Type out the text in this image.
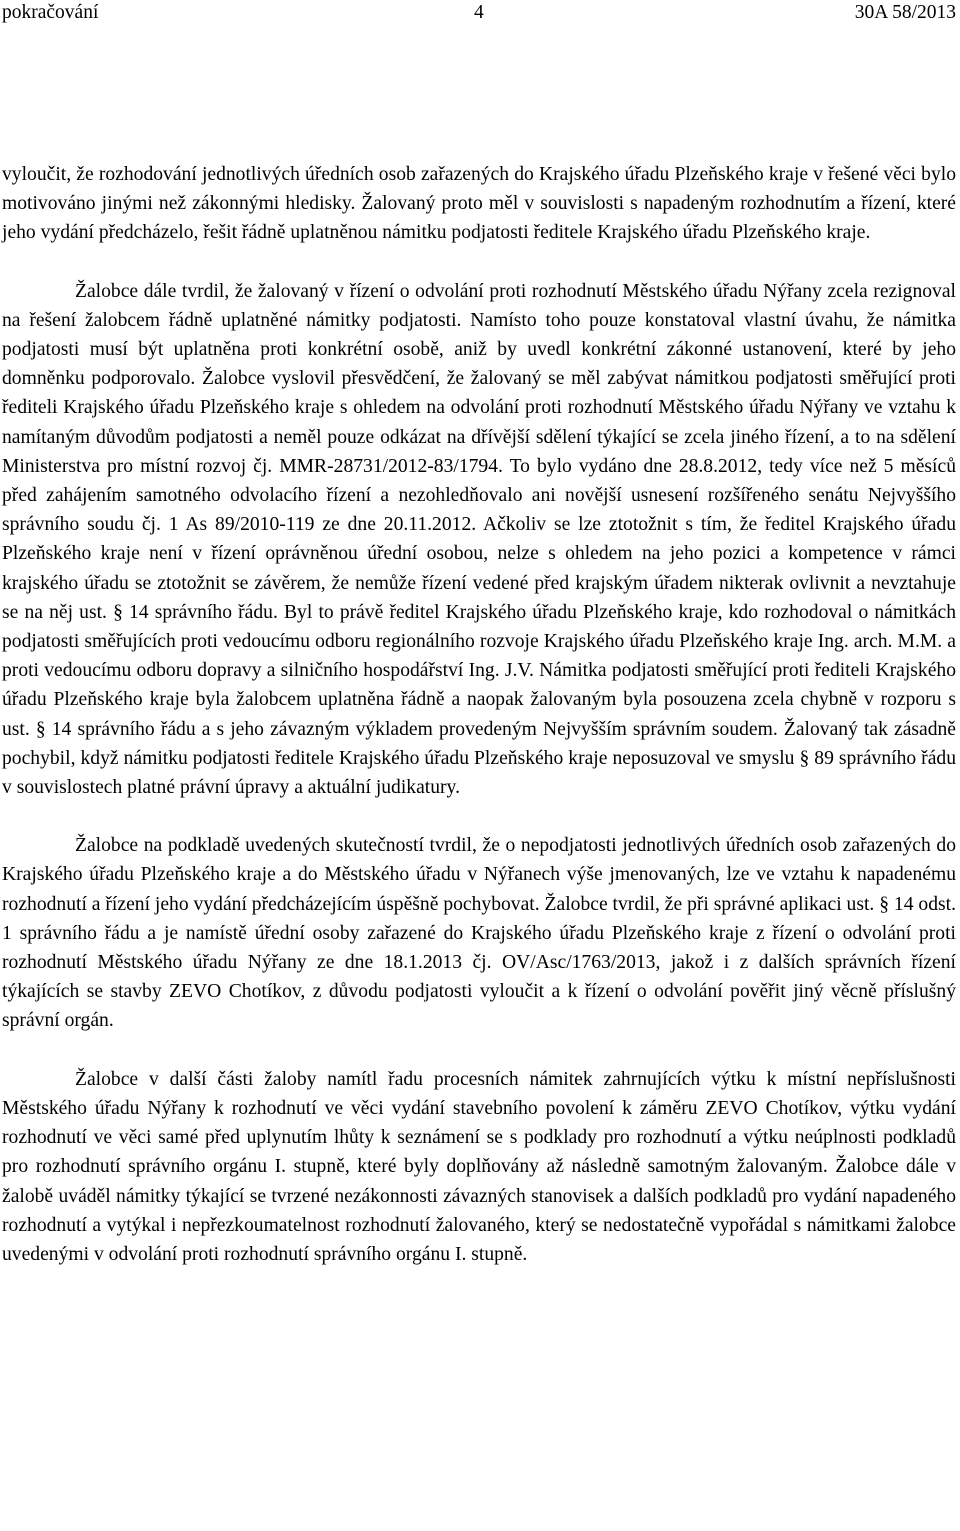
pokračování	4	30A 58/2013

vyloučit, že rozhodování jednotlivých úředních osob zařazených do Krajského úřadu Plzeňského kraje v řešené věci bylo motivováno jinými než zákonnými hledisky. Žalovaný proto měl v souvislosti s napadeným rozhodnutím a řízení, které jeho vydání předcházelo, řešit řádně uplatněnou námitku podjatosti ředitele Krajského úřadu Plzeňského kraje.

Žalobce dále tvrdil, že žalovaný v řízení o odvolání proti rozhodnutí Městského úřadu Nýřany zcela rezignoval na řešení žalobcem řádně uplatněné námitky podjatosti. Namísto toho pouze konstatoval vlastní úvahu, že námitka podjatosti musí být uplatněna proti konkrétní osobě, aniž by uvedl konkrétní zákonné ustanovení, které by jeho domněnku podporovalo. Žalobce vyslovil přesvědčení, že žalovaný se měl zabývat námitkou podjatosti směřující proti řediteli Krajského úřadu Plzeňského kraje s ohledem na odvolání proti rozhodnutí Městského úřadu Nýřany ve vztahu k namítaným důvodům podjatosti a neměl pouze odkázat na dřívější sdělení týkající se zcela jiného řízení, a to na sdělení Ministerstva pro místní rozvoj čj. MMR-28731/2012-83/1794. To bylo vydáno dne 28.8.2012, tedy více než 5 měsíců před zahájením samotného odvolacího řízení a nezohledňovalo ani novější usnesení rozšířeného senátu Nejvyššího správního soudu čj. 1 As 89/2010-119 ze dne 20.11.2012. Ačkoliv se lze ztotožnit s tím, že ředitel Krajského úřadu Plzeňského kraje není v řízení oprávněnou úřední osobou, nelze s ohledem na jeho pozici a kompetence v rámci krajského úřadu se ztotožnit se závěrem, že nemůže řízení vedené před krajským úřadem nikterak ovlivnit a nevztahuje se na něj ust. § 14 správního řádu. Byl to právě ředitel Krajského úřadu Plzeňského kraje, kdo rozhodoval o námitkách podjatosti směřujících proti vedoucímu odboru regionálního rozvoje Krajského úřadu Plzeňského kraje Ing. arch. M.M. a proti vedoucímu odboru dopravy a silničního hospodářství Ing. J.V. Námitka podjatosti směřující proti řediteli Krajského úřadu Plzeňského kraje byla žalobcem uplatněna řádně a naopak žalovaným byla posouzena zcela chybně v rozporu s ust. § 14 správního řádu a s jeho závazným výkladem provedeným Nejvyšším správním soudem. Žalovaný tak zásadně pochybil, když námitku podjatosti ředitele Krajského úřadu Plzeňského kraje neposuzoval ve smyslu § 89 správního řádu v souvislostech platné právní úpravy a aktuální judikatury.

Žalobce na podkladě uvedených skutečností tvrdil, že o nepodjatosti jednotlivých úředních osob zařazených do Krajského úřadu Plzeňského kraje a do Městského úřadu v Nýřanech výše jmenovaných, lze ve vztahu k napadenému rozhodnutí a řízení jeho vydání předcházejícím úspěšně pochybovat. Žalobce tvrdil, že při správné aplikaci ust. § 14 odst. 1 správního řádu a je namístě úřední osoby zařazené do Krajského úřadu Plzeňského kraje z řízení o odvolání proti rozhodnutí Městského úřadu Nýřany ze dne 18.1.2013 čj. OV/Asc/1763/2013, jakož i z dalších správních řízení týkajících se stavby ZEVO Chotíkov, z důvodu podjatosti vyloučit a k řízení o odvolání pověřit jiný věcně příslušný správní orgán.

Žalobce v další části žaloby namítl řadu procesních námitek zahrnujících výtku k místní nepříslušnosti Městského úřadu Nýřany k rozhodnutí ve věci vydání stavebního povolení k záměru ZEVO Chotíkov, výtku vydání rozhodnutí ve věci samé před uplynutím lhůty k seznámení se s podklady pro rozhodnutí a výtku neúplnosti podkladů pro rozhodnutí správního orgánu I. stupně, které byly doplňovány až následně samotným žalovaným. Žalobce dále v žalobě uváděl námitky týkající se tvrzené nezákonnosti závazných stanovisek a dalších podkladů pro vydání napadeného rozhodnutí a vytýkal i nepřezkoumatelnost rozhodnutí žalovaného, který se nedostatečně vypořádal s námitkami žalobce uvedenými v odvolání proti rozhodnutí správního orgánu I. stupně.
